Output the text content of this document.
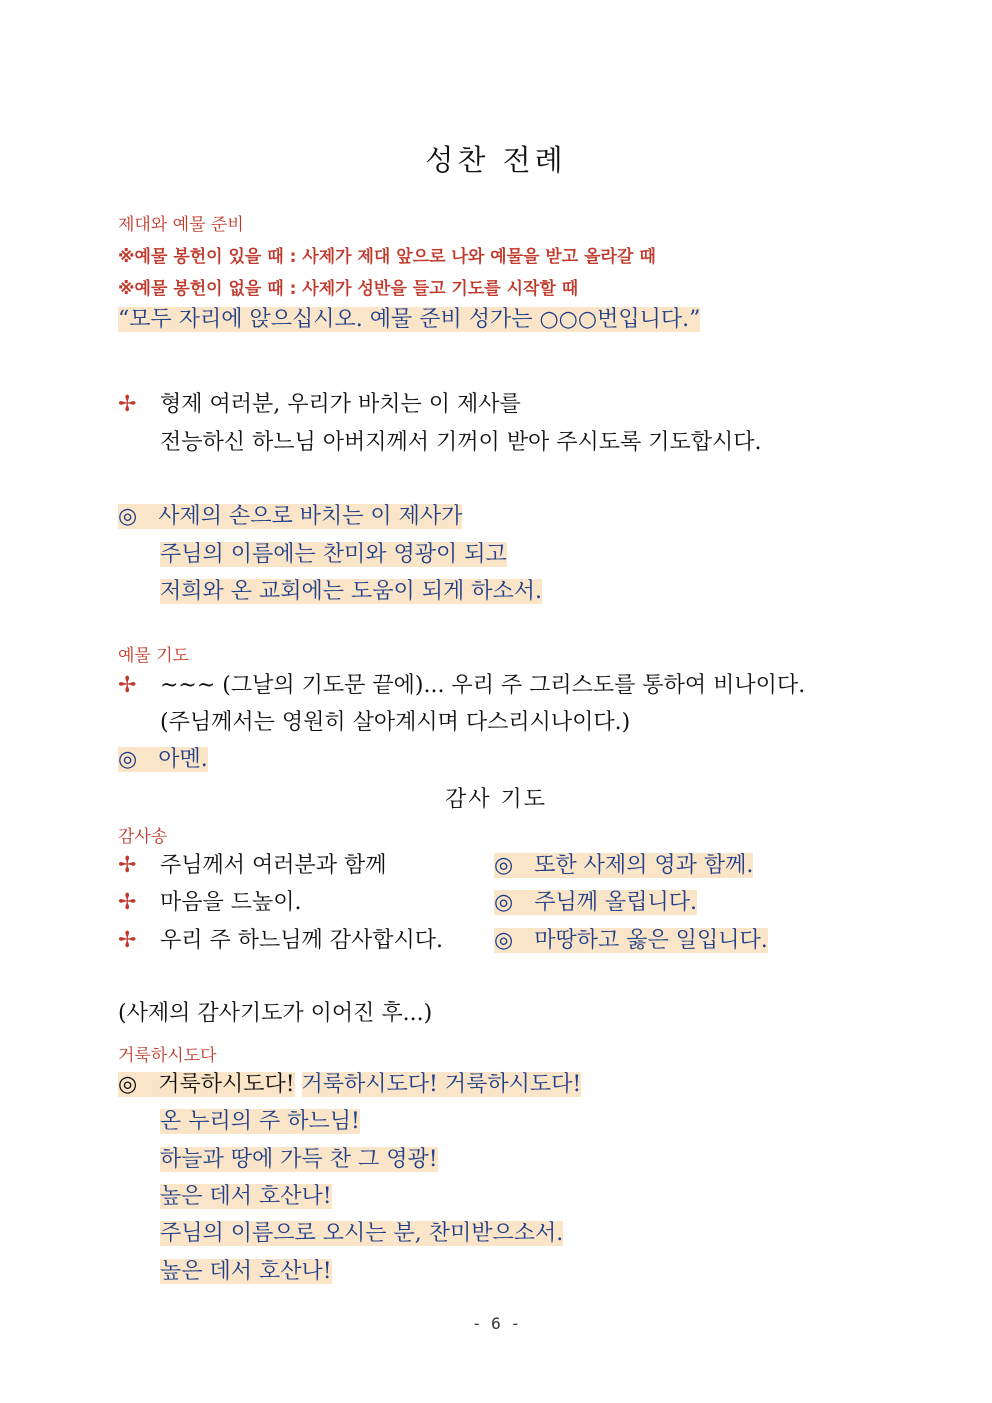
성찬 전례
제대와 예물 준비
※예물 봉헌이 있을 때 : 사제가 제대 앞으로 나와 예물을 받고 올라갈 때
※예물 봉헌이 없을 때 : 사제가 성반을 들고 기도를 시작할 때
“모두 자리에 앉으십시오. 예물 준비 성가는 ○○○번입니다.”
✢ 형제 여러분, 우리가 바치는 이 제사를
전능하신 하느님 아버지께서 기꺼이 받아 주시도록 기도합시다.
◎ 사제의 손으로 바치는 이 제사가
주님의 이름에는 찬미와 영광이 되고
저희와 온 교회에는 도움이 되게 하소서.
예물 기도
✢ ~~~ (그날의 기도문 끝에)... 우리 주 그리스도를 통하여 비나이다.
(주님께서는 영원히 살아계시며 다스리시나이다.)
◎ 아멘.
감사 기도
감사송
✢ 주님께서 여러분과 함께	◎ 또한 사제의 영과 함께.
✢ 마음을 드높이.	◎ 주님께 올립니다.
✢ 우리 주 하느님께 감사합시다. ◎ 마땅하고 옳은 일입니다.
(사제의 감사기도가 이어진 후...)
거룩하시도다
◎ 거룩하시도다! 거룩하시도다! 거룩하시도다!
온 누리의 주 하느님!
하늘과 땅에 가득 찬 그 영광!
높은 데서 호산나!
주님의 이름으로 오시는 분, 찬미받으소서.
높은 데서 호산나!
- 6 -
